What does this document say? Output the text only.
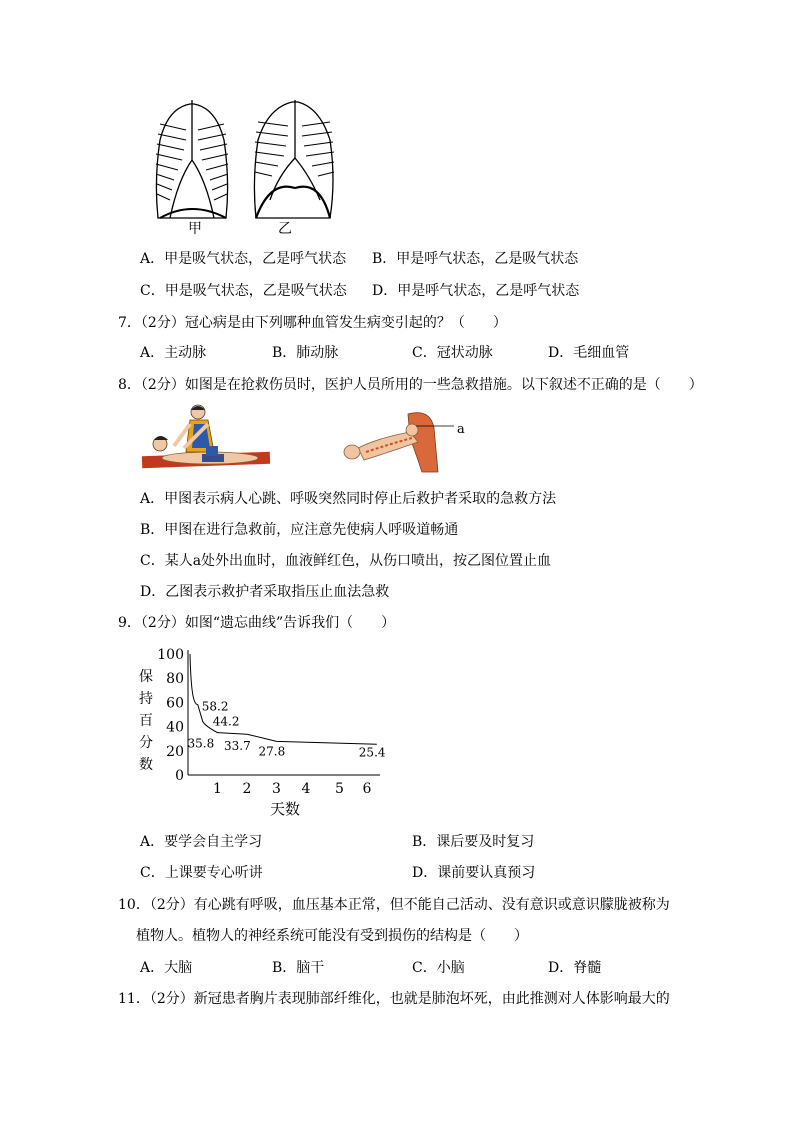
甲	乙
A．甲是吸气状态，乙是呼气状态 B．甲是呼气状态，乙是吸气状态
C．甲是吸气状态，乙是吸气状态 D．甲是呼气状态，乙是呼气状态
7．（2分）冠心病是由下列哪种血管发生病变引起的？（　　）
A．主动脉	B．肺动脉	C．冠状动脉	D．毛细血管
8．（2分）如图是在抢救伤员时，医护人员所用的一些急救措施。以下叙述不正确的是（　　）
a
A．甲图表示病人心跳、呼吸突然同时停止后救护者采取的急救方法
B．甲图在进行急救前，应注意先使病人呼吸道畅通
C．某人a处外出血时，血液鲜红色，从伤口喷出，按乙图位置止血
D．乙图表示救护者采取指压止血法急救
9．（2分）如图“遗忘曲线”告诉我们（　　）
保
持
百
分
数
0
20
40
60
80
100
1 2 3 4 5 6
58.2
44.2
35.8 33.7 27.8	25.4
天数
A．要学会自主学习	B．课后要及时复习
C．上课要专心听讲	D．课前要认真预习
10．（2分）有心跳有呼吸，血压基本正常，但不能自己活动、没有意识或意识朦胧被称为
植物人。植物人的神经系统可能没有受到损伤的结构是（　　）
A．大脑	B．脑干	C．小脑	D．脊髓
11．（2分）新冠患者胸片表现肺部纤维化，也就是肺泡坏死，由此推测对人体影响最大的
